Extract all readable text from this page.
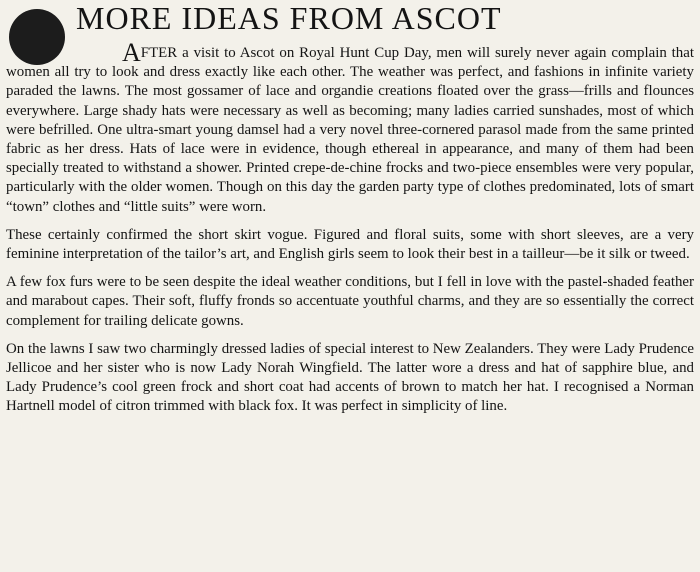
MORE IDEAS FROM ASCOT

AFTER a visit to Ascot on Royal Hunt Cup Day, men will surely never again complain that women all try to look and dress exactly like each other. The weather was perfect, and fashions in infinite variety paraded the lawns. The most gossamer of lace and organdie creations floated over the grass—frills and flounces everywhere. Large shady hats were necessary as well as becoming; many ladies carried sunshades, most of which were befrilled. One ultra-smart young damsel had a very novel three-cornered parasol made from the same printed fabric as her dress. Hats of lace were in evidence, though ethereal in appearance, and many of them had been specially treated to withstand a shower. Printed crepe-de-chine frocks and two-piece ensembles were very popular, particularly with the older women. Though on this day the garden party type of clothes predominated, lots of smart “town” clothes and “little suits” were worn.

These certainly confirmed the short skirt vogue. Figured and floral suits, some with short sleeves, are a very feminine interpretation of the tailor’s art, and English girls seem to look their best in a tailleur—be it silk or tweed.

A few fox furs were to be seen despite the ideal weather conditions, but I fell in love with the pastel-shaded feather and marabout capes. Their soft, fluffy fronds so accentuate youthful charms, and they are so essentially the correct complement for trailing delicate gowns.

On the lawns I saw two charmingly dressed ladies of special interest to New Zealanders. They were Lady Prudence Jellicoe and her sister who is now Lady Norah Wingfield. The latter wore a dress and hat of sapphire blue, and Lady Prudence’s cool green frock and short coat had accents of brown to match her hat. I recognised a Norman Hartnell model of citron trimmed with black fox. It was perfect in simplicity of line.
